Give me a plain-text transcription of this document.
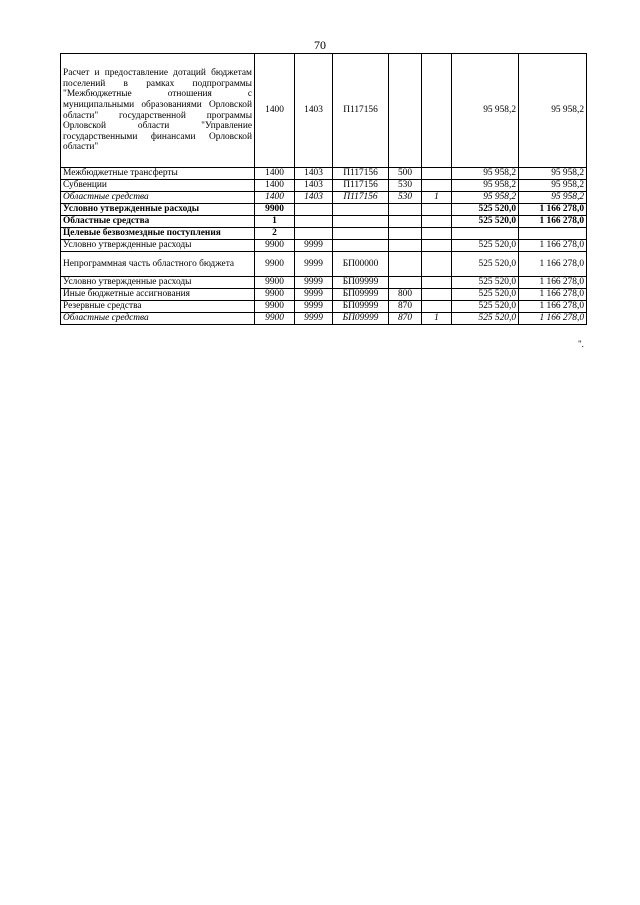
70
Расчет и предоставление дотаций бюджетам поселений в рамках подпрограммы "Межбюджетные отношения с муниципальными образованиями Орловской области" государственной программы Орловской области "Управление государственными финансами Орловской области"	1400	1403	П117156			95 958,2	95 958,2
Межбюджетные трансферты	1400	1403	П117156	500		95 958,2	95 958,2
Субвенции	1400	1403	П117156	530		95 958,2	95 958,2
Областные средства	1400	1403	П117156	530	1	95 958,2	95 958,2
Условно утвержденные расходы	9900					525 520,0	1 166 278,0
Областные средства	1					525 520,0	1 166 278,0
Целевые безвозмездные поступления	2						
Условно утвержденные расходы	9900	9999				525 520,0	1 166 278,0
Непрограммная часть областного бюджета	9900	9999	БП00000			525 520,0	1 166 278,0
Условно утвержденные расходы	9900	9999	БП09999			525 520,0	1 166 278,0
Иные бюджетные ассигнования	9900	9999	БП09999	800		525 520,0	1 166 278,0
Резервные средства	9900	9999	БП09999	870		525 520,0	1 166 278,0
Областные средства	9900	9999	БП09999	870	1	525 520,0	1 166 278,0
".
